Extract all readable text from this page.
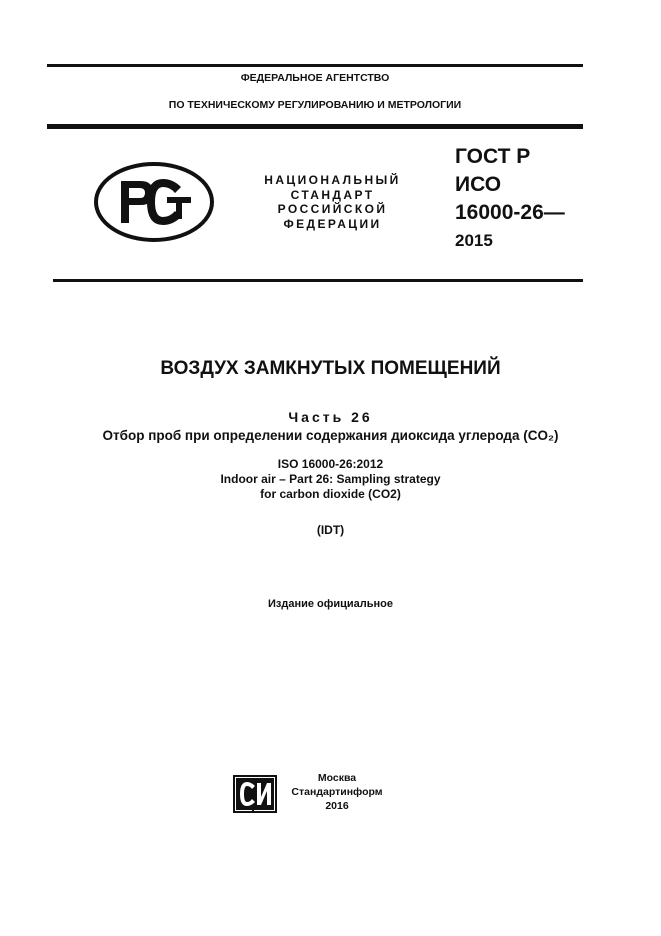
ФЕДЕРАЛЬНОЕ АГЕНТСТВО
ПО ТЕХНИЧЕСКОМУ РЕГУЛИРОВАНИЮ И МЕТРОЛОГИИ
НАЦИОНАЛЬНЫЙ
СТАНДАРТ
РОССИЙСКОЙ
ФЕДЕРАЦИИ
ГОСТ Р
ИСО
16000-26—
2015
ВОЗДУХ ЗАМКНУТЫХ ПОМЕЩЕНИЙ
Часть 26
Отбор проб при определении содержания диоксида углерода (CO₂)
ISO 16000-26:2012
Indoor air – Part 26: Sampling strategy
for carbon dioxide (CO2)
(IDT)
Издание официальное
Москва
Стандартинформ
2016
